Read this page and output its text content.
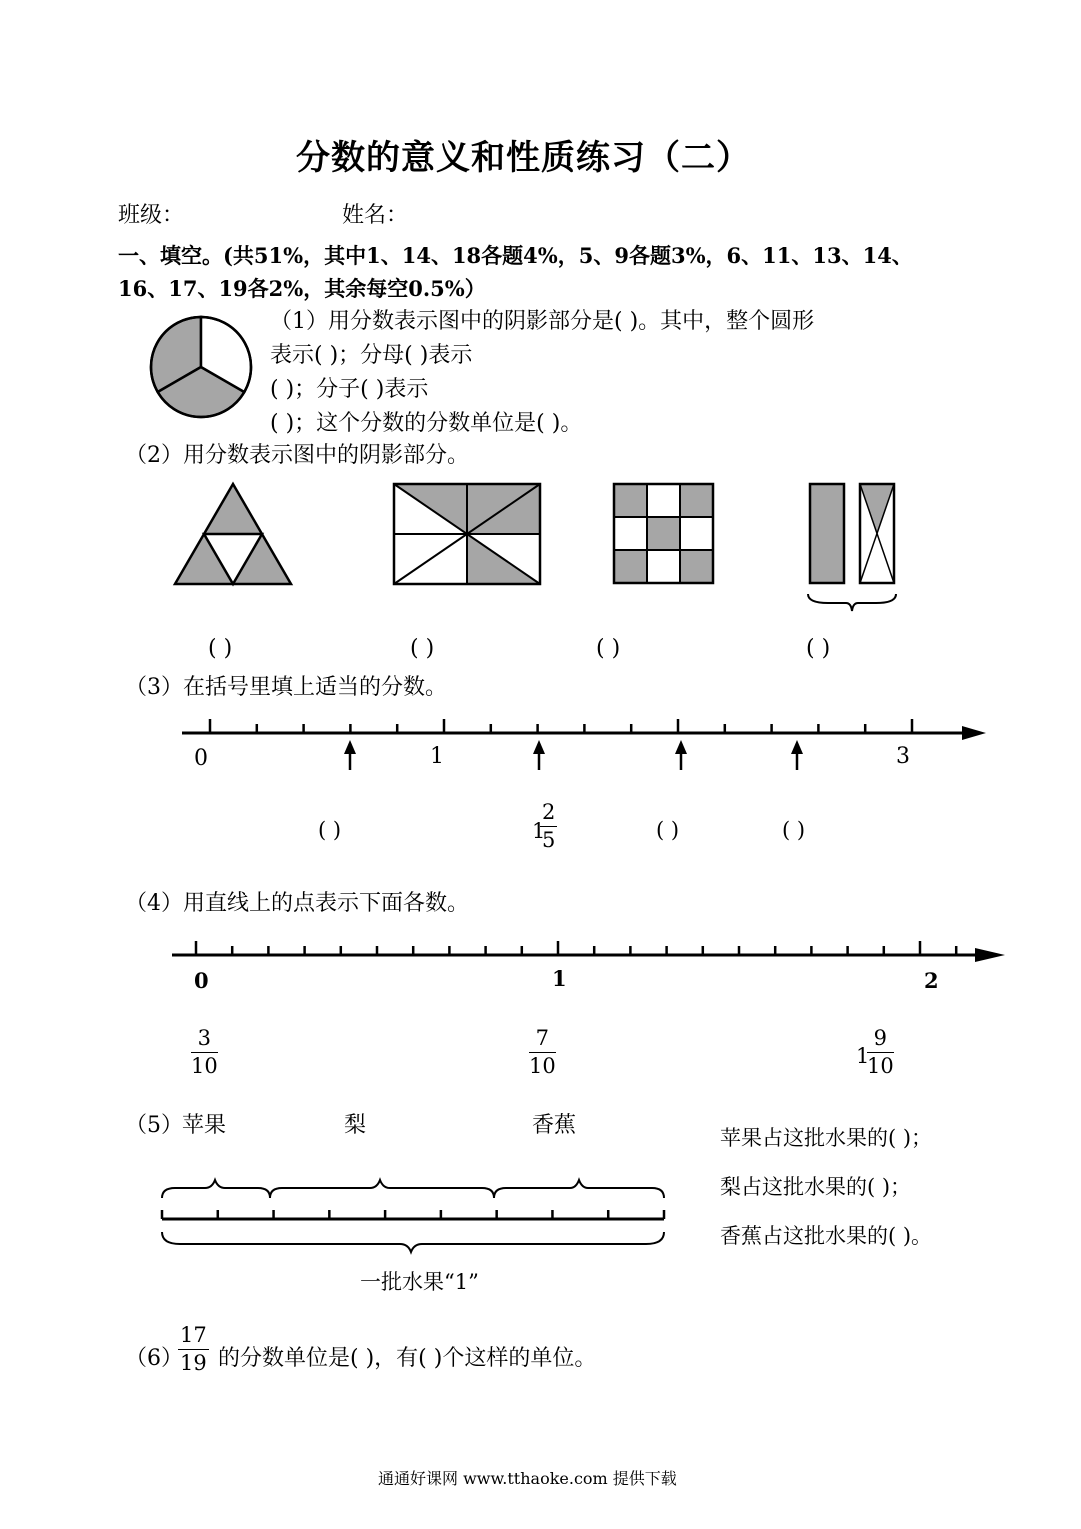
分数的意义和性质练习（二）
班级：	姓名：
一、填空。(共51%，其中1、14、18各题4%，5、9各题3%，6、11、13、14、
16、17、19各2%，其余每空0.5%）
（1）用分数表示图中的阴影部分是( )。其中，整个圆形
表示( )；分母( )表示
( )；分子( )表示
( )；这个分数的分数单位是( )。
（2）用分数表示图中的阴影部分。
( )	( )	( )	( )
（3）在括号里填上适当的分数。
0	1	3
( )	1
2
5	( )	( )
（4）用直线上的点表示下面各数。
0	1	2
3
10
7
10	1
9
10
（5） 苹果	梨	香蕉
一批水果“1”
苹果占这批水果的( )；
梨占这批水果的( )；
香蕉占这批水果的( )。
（6）
17
19 的分数单位是( )，有( )个这样的单位。
通通好课网 www.tthaoke.com 提供下载
